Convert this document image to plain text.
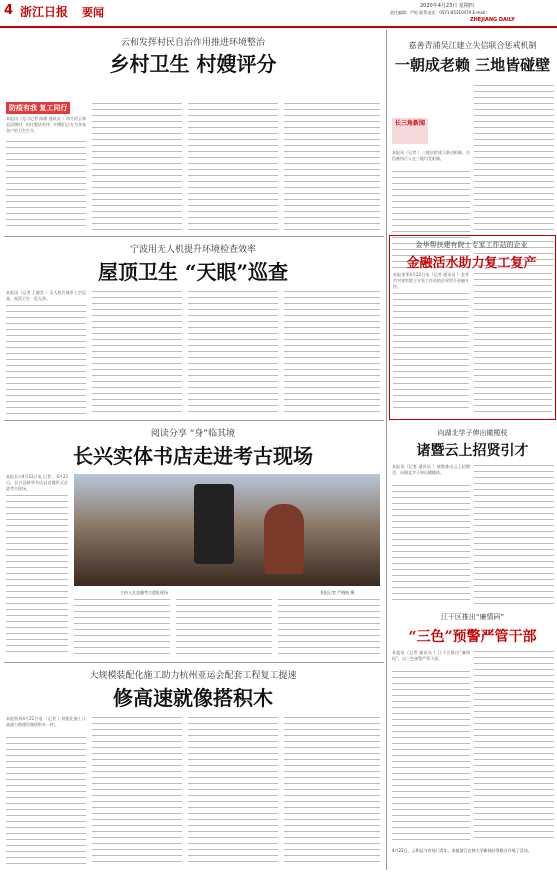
4 浙江日报 要闻	2020年4月23日 星期四
责任编辑：严松 联系电话：0571-85310479 E-mail：
ZHEJIANG DAILY
云和发挥村民自治作用推进环境整治
乡村卫生 村嫂评分
防疫有我 复工同行
本报讯（见习记者 陈朝 通讯员 ）四月的云和县清塘村，村庄整洁有序，村嫂们正在为各家各户的卫生打分。
宁波用无人机提升环境检查效率
屋顶卫生 “天眼”巡查
本报讯（记者 王晓莹 ）无人机在城市上空巡查，屋顶卫生一览无余。
阅读分享 “身”临其境
长兴实体书店走进考古现场
本报长兴4月22日电 记者 ，4月22日，长兴县新华书店以直播形式走进考古现场。
主持人在直播考古遗址现场	本报记者 严晓航 摄
大规模装配化施工助力杭州亚运会配套工程复工提速
修高速就像搭积木
本报杭州4月22日电 （记者 ）装配化施工让高速公路建设像搭积木一样。
嘉善青浦吴江建立失信联合惩戒机制
一朝成老赖 三地皆碰壁
长三角新闻
本报讯（记者 ）三地法院建立联动机制，失信被执行人在三地均受限制。
金华帮扶建有院士专家工作站的企业
金融活水助力复工复产
本报金华4月22日电（记者 通讯员 ）金华市对建有院士专家工作站的企业给予金融支持。
向湖北学子伸出橄榄枝
诸暨云上招贤引才
本报讯（记者 通讯员 ）诸暨推出云上招聘会，向湖北学子伸出橄榄枝。
江干区推出“廉情码”
“三色”预警严管干部
本报讯（记者 通讯员 ）江干区推出“廉情码”，以三色预警严管干部。
4月22日，云和县与市场门青年，本报浙江农林大学新闻社等联合开展了活动。
